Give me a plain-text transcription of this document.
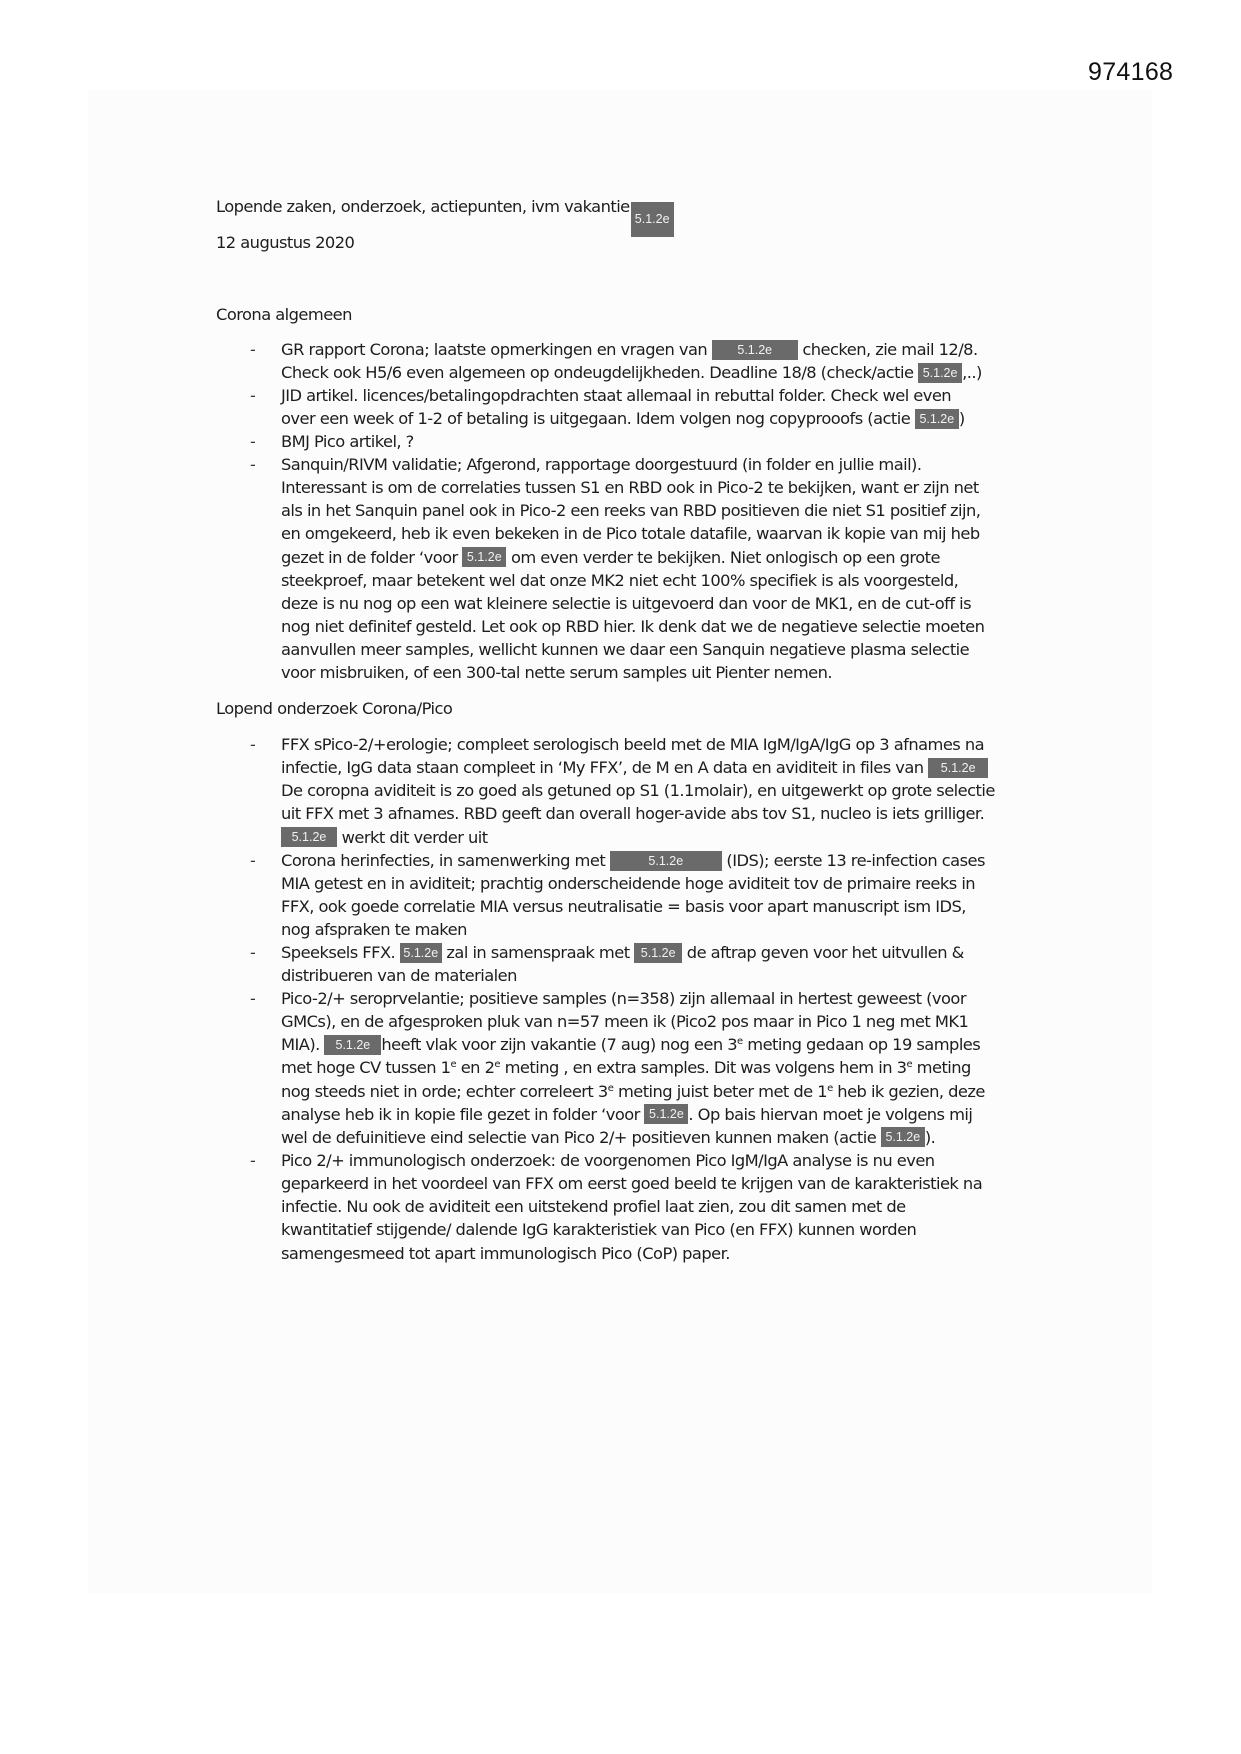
974168
Lopende zaken, onderzoek, actiepunten, ivm vakantie5.1.2e
12 augustus 2020
Corona algemeen
- GR rapport Corona; laatste opmerkingen en vragen van 5.1.2e checken, zie mail 12/8.
Check ook H5/6 even algemeen op ondeugdelijkheden. Deadline 18/8 (check/actie 5.1.2e ,..)
- JID artikel. licences/betalingopdrachten staat allemaal in rebuttal folder. Check wel even
over een week of 1-2 of betaling is uitgegaan. Idem volgen nog copyprooofs (actie 5.1.2e )
- BMJ Pico artikel, ?
- Sanquin/RIVM validatie; Afgerond, rapportage doorgestuurd (in folder en jullie mail).
Interessant is om de correlaties tussen S1 en RBD ook in Pico-2 te bekijken, want er zijn net
als in het Sanquin panel ook in Pico-2 een reeks van RBD positieven die niet S1 positief zijn,
en omgekeerd, heb ik even bekeken in de Pico totale datafile, waarvan ik kopie van mij heb
gezet in de folder ‘voor 5.1.2e om even verder te bekijken. Niet onlogisch op een grote
steekproef, maar betekent wel dat onze MK2 niet echt 100% specifiek is als voorgesteld,
deze is nu nog op een wat kleinere selectie is uitgevoerd dan voor de MK1, en de cut-off is
nog niet definitef gesteld. Let ook op RBD hier. Ik denk dat we de negatieve selectie moeten
aanvullen meer samples, wellicht kunnen we daar een Sanquin negatieve plasma selectie
voor misbruiken, of een 300-tal nette serum samples uit Pienter nemen.
Lopend onderzoek Corona/Pico
- FFX sPico-2/+erologie; compleet serologisch beeld met de MIA IgM/IgA/IgG op 3 afnames na
infectie, IgG data staan compleet in ‘My FFX’, de M en A data en aviditeit in files van 5.1.2e
De coropna aviditeit is zo goed als getuned op S1 (1.1molair), en uitgewerkt op grote selectie
uit FFX met 3 afnames. RBD geeft dan overall hoger-avide abs tov S1, nucleo is iets grilliger.
5.1.2e werkt dit verder uit
- Corona herinfecties, in samenwerking met	5.1.2e (IDS); eerste 13 re-infection cases
MIA getest en in aviditeit; prachtig onderscheidende hoge aviditeit tov de primaire reeks in
FFX, ook goede correlatie MIA versus neutralisatie = basis voor apart manuscript ism IDS,
nog afspraken te maken
- Speeksels FFX. 5.1.2e zal in samenspraak met 5.1.2e de aftrap geven voor het uitvullen &
distribueren van de materialen
- Pico-2/+ seroprvelantie; positieve samples (n=358) zijn allemaal in hertest geweest (voor
GMCs), en de afgesproken pluk van n=57 meen ik (Pico2 pos maar in Pico 1 neg met MK1
MIA). 5.1.2e heeft vlak voor zijn vakantie (7 aug) nog een 3e meting gedaan op 19 samples
met hoge CV tussen 1e en 2e meting , en extra samples. Dit was volgens hem in 3e meting
nog steeds niet in orde; echter correleert 3e meting juist beter met de 1e heb ik gezien, deze
analyse heb ik in kopie file gezet in folder ‘voor 5.1.2e . Op bais hiervan moet je volgens mij
wel de defuinitieve eind selectie van Pico 2/+ positieven kunnen maken (actie 5.1.2e ).
- Pico 2/+ immunologisch onderzoek: de voorgenomen Pico IgM/IgA analyse is nu even
geparkeerd in het voordeel van FFX om eerst goed beeld te krijgen van de karakteristiek na
infectie. Nu ook de aviditeit een uitstekend profiel laat zien, zou dit samen met de
kwantitatief stijgende/ dalende IgG karakteristiek van Pico (en FFX) kunnen worden
samengesmeed tot apart immunologisch Pico (CoP) paper.
